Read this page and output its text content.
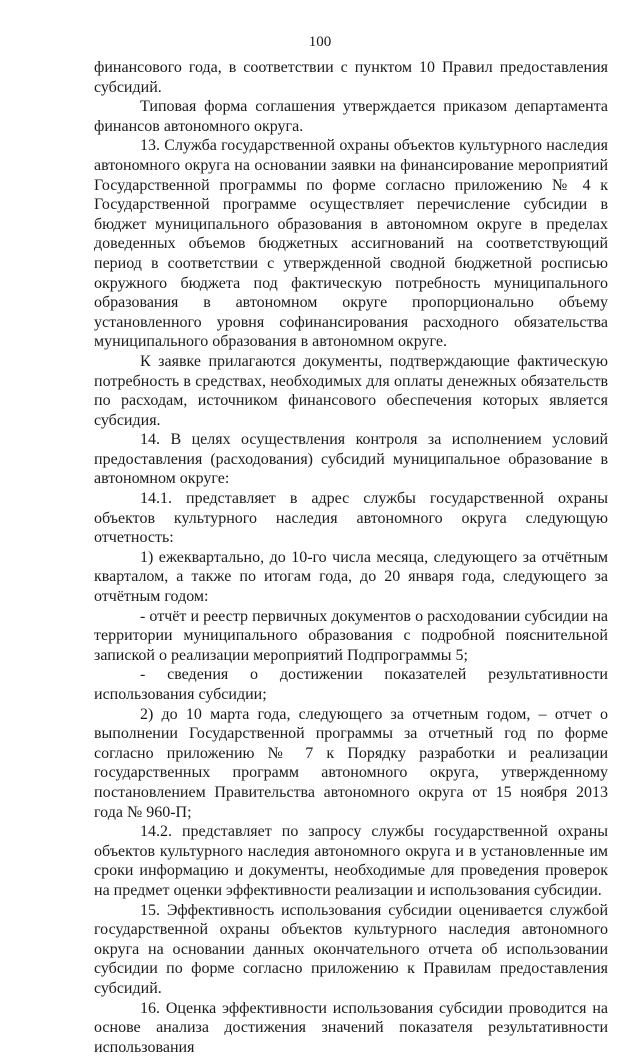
100

финансового года, в соответствии с пунктом 10 Правил предоставления субсидий.

Типовая форма соглашения утверждается приказом департамента финансов автономного округа.

13. Служба государственной охраны объектов культурного наследия автономного округа на основании заявки на финансирование мероприятий Государственной программы по форме согласно приложению № 4 к Государственной программе осуществляет перечисление субсидии в бюджет муниципального образования в автономном округе в пределах доведенных объемов бюджетных ассигнований на соответствующий период в соответствии с утвержденной сводной бюджетной росписью окружного бюджета под фактическую потребность муниципального образования в автономном округе пропорционально объему установленного уровня софинансирования расходного обязательства муниципального образования в автономном округе.

К заявке прилагаются документы, подтверждающие фактическую потребность в средствах, необходимых для оплаты денежных обязательств по расходам, источником финансового обеспечения которых является субсидия.

14. В целях осуществления контроля за исполнением условий предоставления (расходования) субсидий муниципальное образование в автономном округе:

14.1. представляет в адрес службы государственной охраны объектов культурного наследия автономного округа следующую отчетность:

1) ежеквартально, до 10-го числа месяца, следующего за отчётным кварталом, а также по итогам года, до 20 января года, следующего за отчётным годом:

- отчёт и реестр первичных документов о расходовании субсидии на территории муниципального образования с подробной пояснительной запиской о реализации мероприятий Подпрограммы 5;

- сведения о достижении показателей результативности использования субсидии;

2) до 10 марта года, следующего за отчетным годом, – отчет о выполнении Государственной программы за отчетный год по форме согласно приложению № 7 к Порядку разработки и реализации государственных программ автономного округа, утвержденному постановлением Правительства автономного округа от 15 ноября 2013 года № 960-П;

14.2. представляет по запросу службы государственной охраны объектов культурного наследия автономного округа и в установленные им сроки информацию и документы, необходимые для проведения проверок на предмет оценки эффективности реализации и использования субсидии.

15. Эффективность использования субсидии оценивается службой государственной охраны объектов культурного наследия автономного округа на основании данных окончательного отчета об использовании субсидии по форме согласно приложению к Правилам предоставления субсидий.

16. Оценка эффективности использования субсидии проводится на основе анализа достижения значений показателя результативности использования
